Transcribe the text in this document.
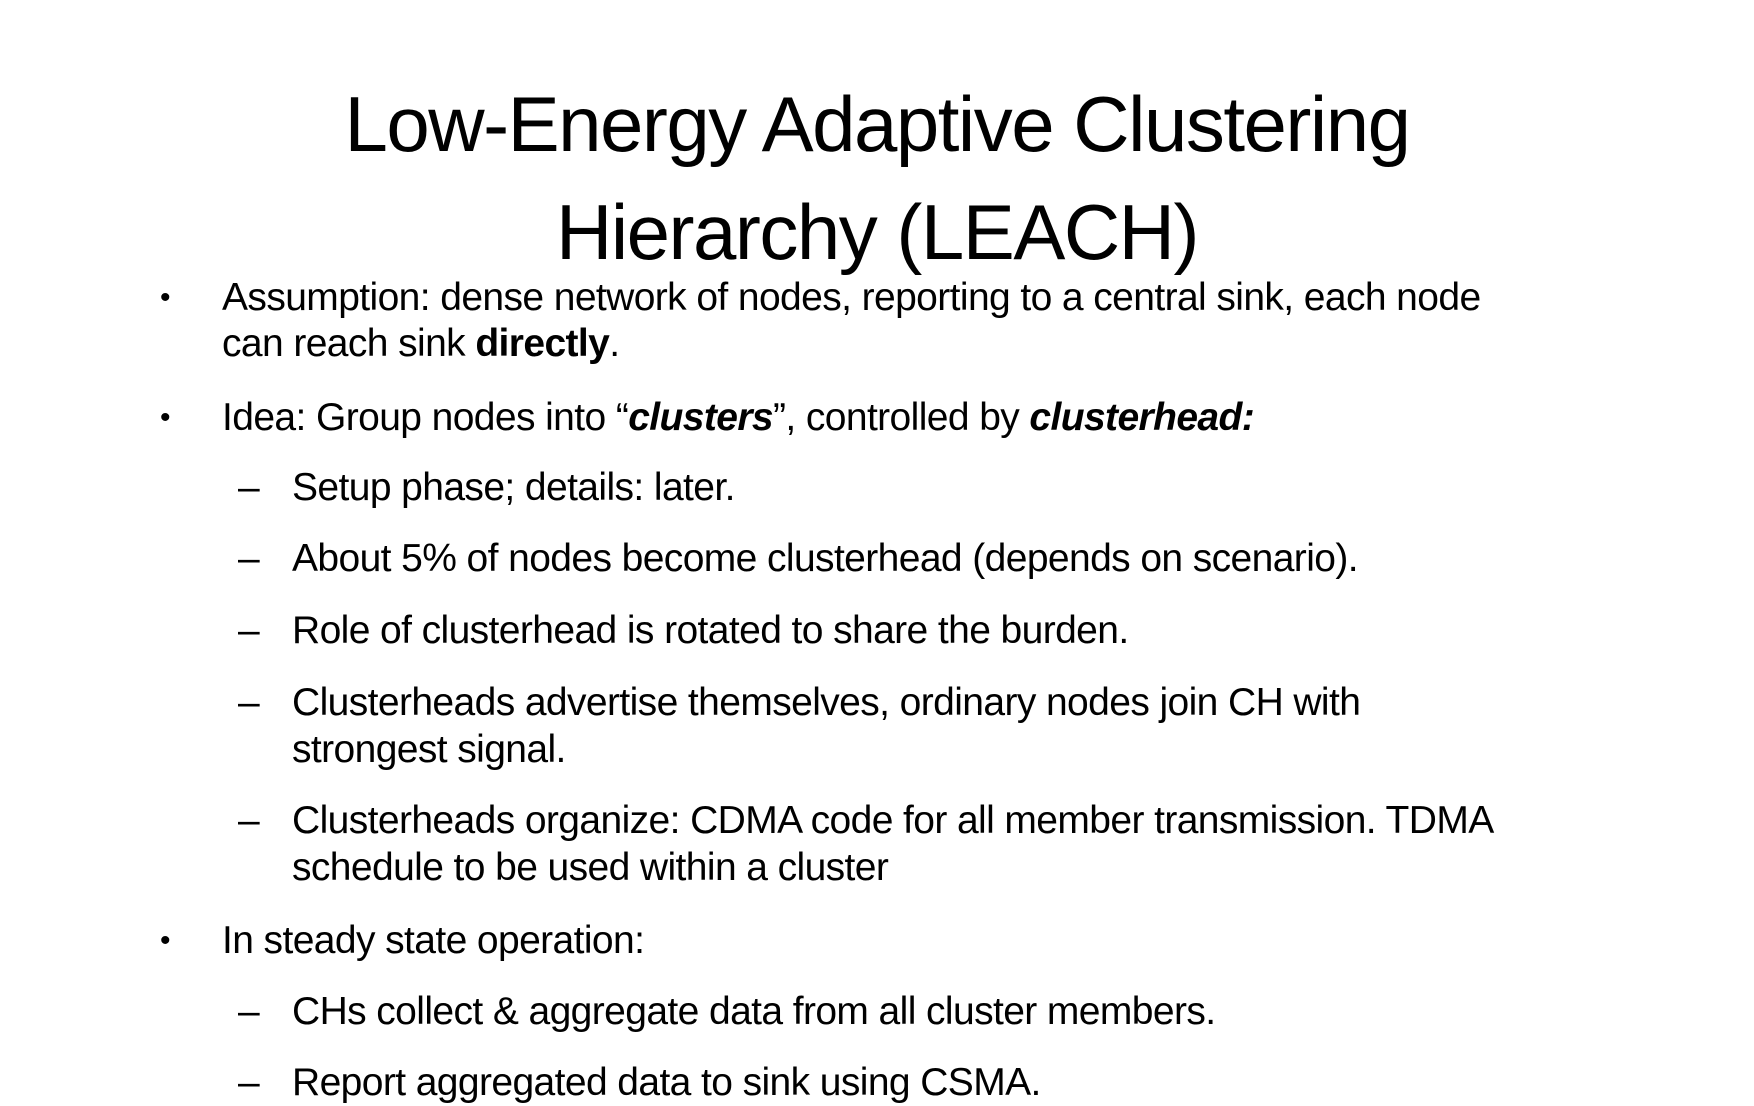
Low-Energy Adaptive Clustering
Hierarchy (LEACH)
• Assumption: dense network of nodes, reporting to a central sink, each node
can reach sink directly.
• Idea: Group nodes into “clusters”, controlled by clusterhead:
– Setup phase; details: later.
– About 5% of nodes become clusterhead (depends on scenario).
– Role of clusterhead is rotated to share the burden.
– Clusterheads advertise themselves, ordinary nodes join CH with
strongest signal.
– Clusterheads organize: CDMA code for all member transmission. TDMA
schedule to be used within a cluster
• In steady state operation:
– CHs collect & aggregate data from all cluster members.
– Report aggregated data to sink using CSMA.
